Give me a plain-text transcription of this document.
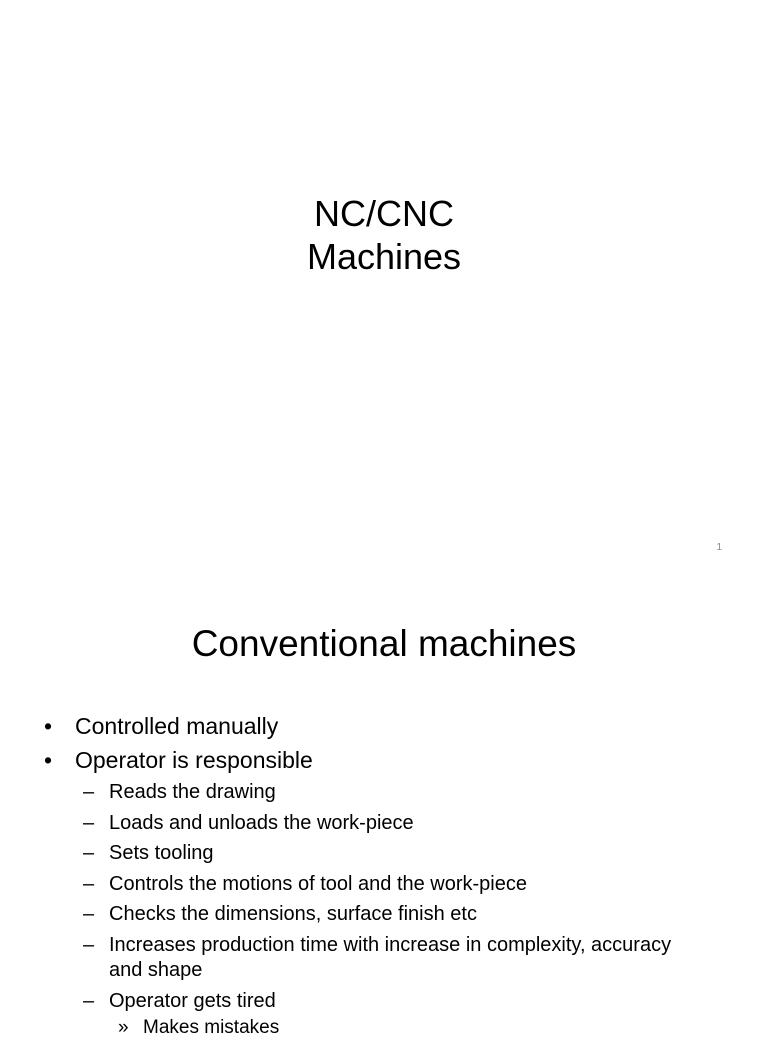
NC/CNC
Machines
1
Conventional machines
• Controlled manually
• Operator is responsible
– Reads the drawing
– Loads and unloads the work-piece
– Sets tooling
– Controls the motions of tool and the work-piece
– Checks the dimensions, surface finish etc
– Increases production time with increase in complexity, accuracy and shape
– Operator gets tired
» Makes mistakes
